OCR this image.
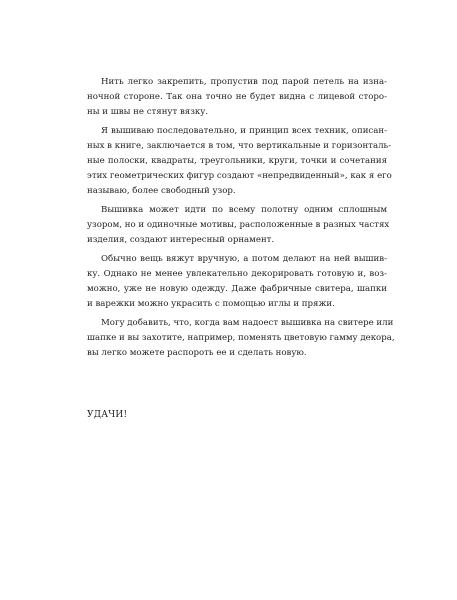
Нить легко закрепить, пропустив под парой петель на изна-
ночной стороне. Так она точно не будет видна с лицевой сторо-
ны и швы не стянут вязку.

Я вышиваю последовательно, и принцип всех техник, описан-
ных в книге, заключается в том, что вертикальные и горизонталь-
ные полоски, квадраты, треугольники, круги, точки и сочетания
этих геометрических фигур создают «непредвиденный», как я его
называю, более свободный узор.

Вышивка может идти по всему полотну одним сплошным
узором, но и одиночные мотивы, расположенные в разных частях
изделия, создают интересный орнамент.

Обычно вещь вяжут вручную, а потом делают на ней вышив-
ку. Однако не менее увлекательно декорировать готовую и, воз-
можно, уже не новую одежду. Даже фабричные свитера, шапки
и варежки можно украсить с помощью иглы и пряжи.

Могу добавить, что, когда вам надоест вышивка на свитере или
шапке и вы захотите, например, поменять цветовую гамму декора,
вы легко можете распороть ее и сделать новую.

УДАЧИ!
